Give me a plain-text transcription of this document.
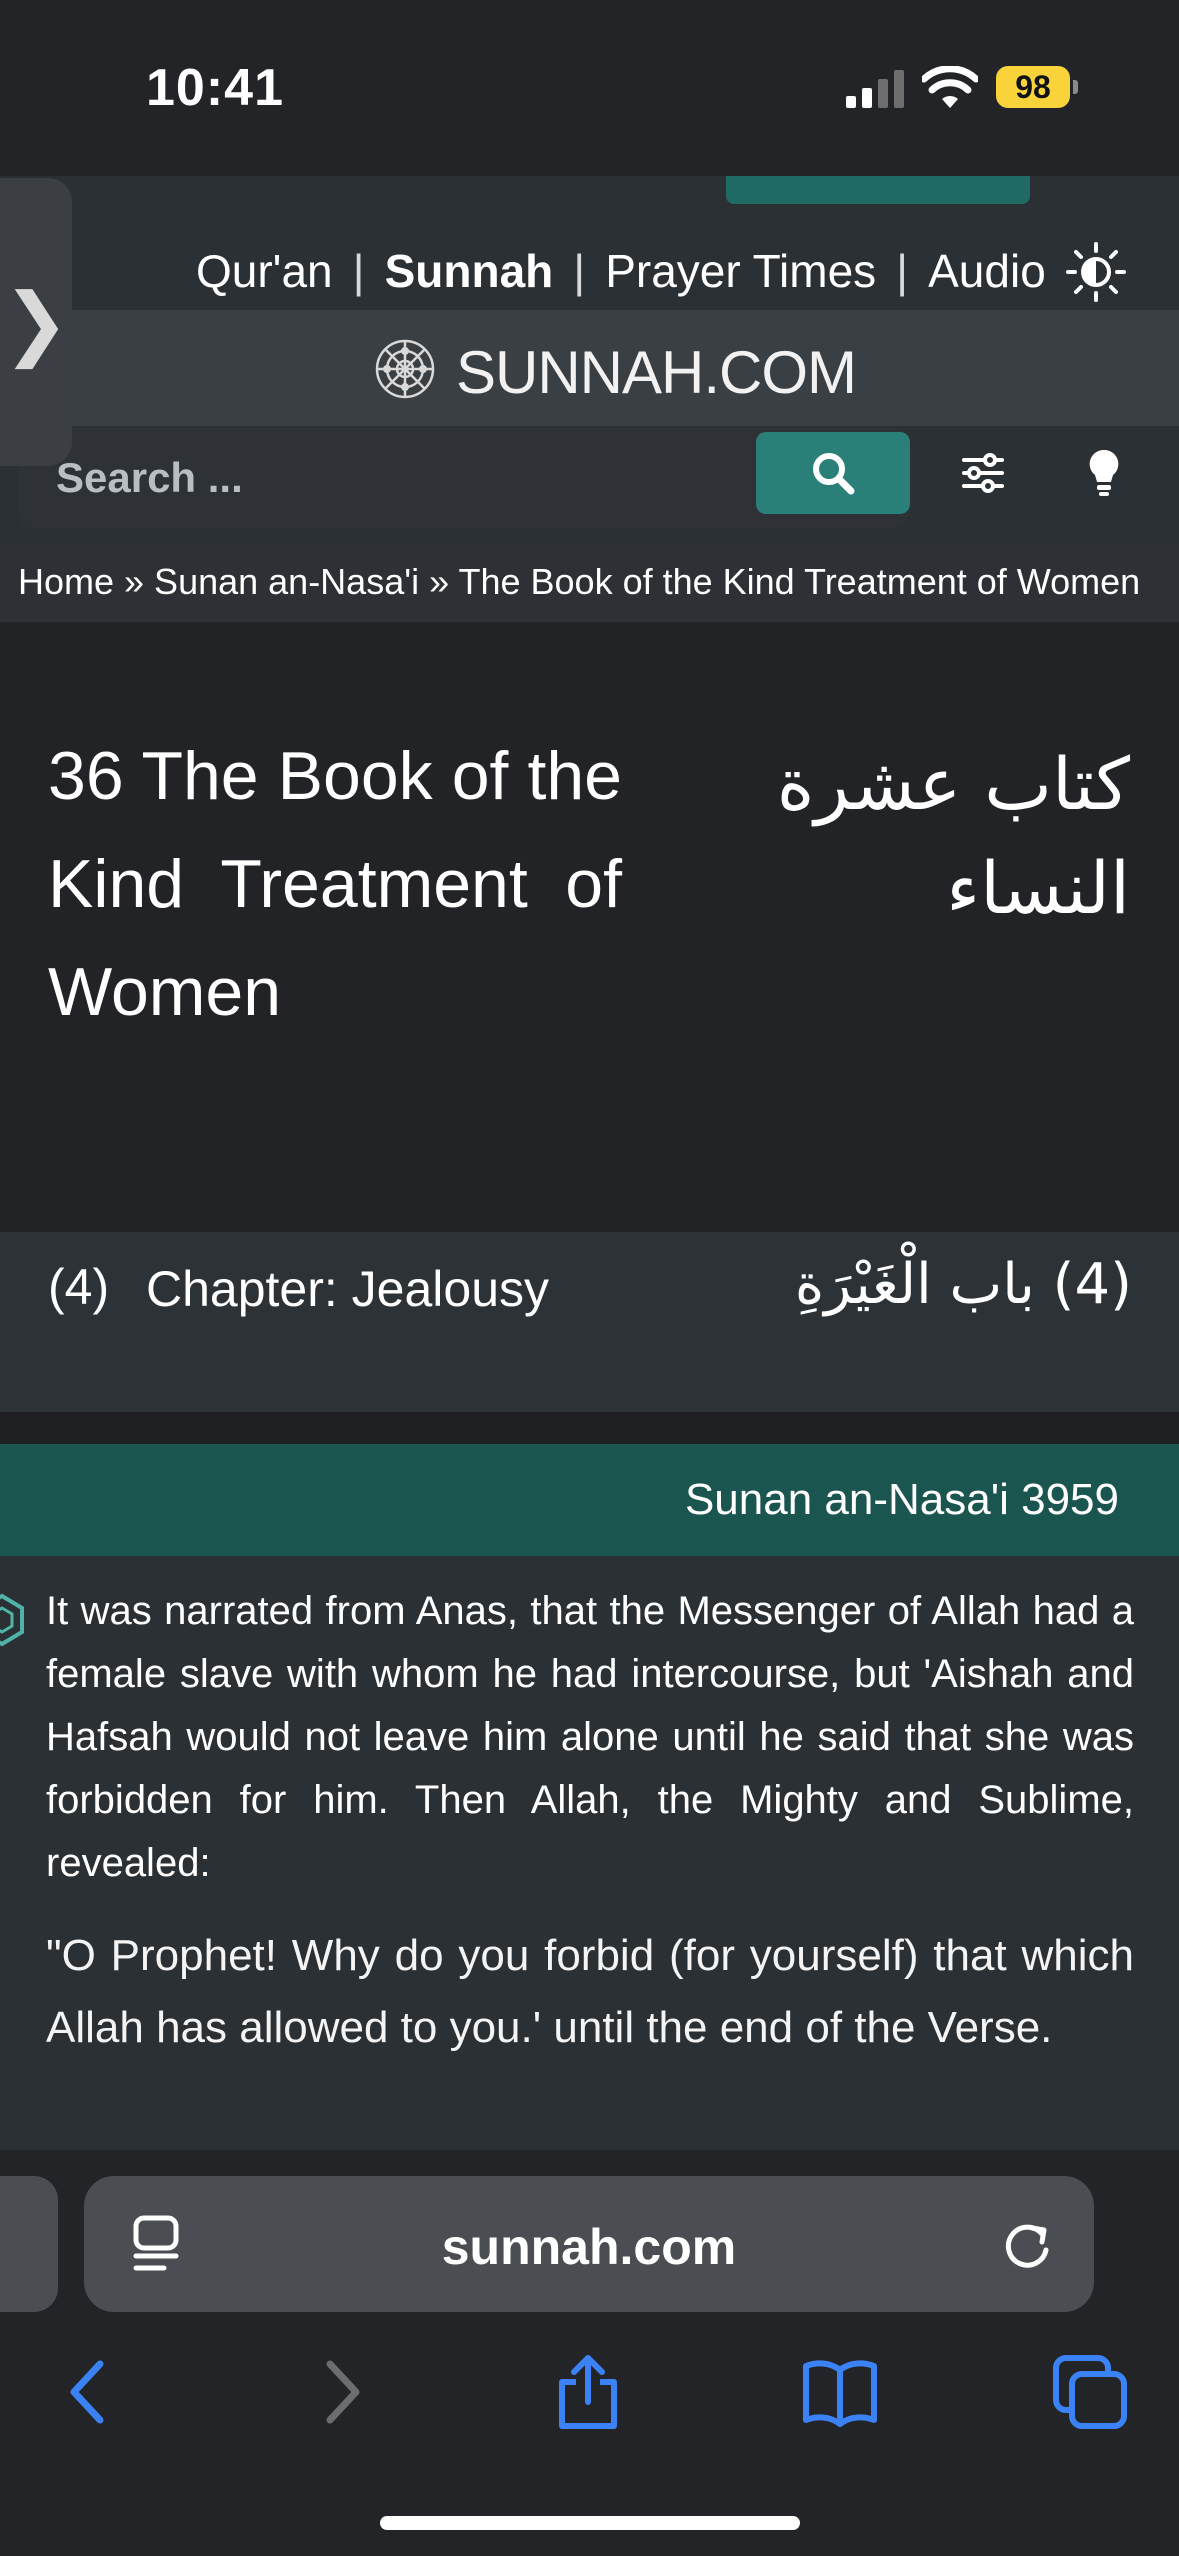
10:41	98
Qur'an | Sunnah | Prayer Times | Audio
SUNNAH.COM
Search ...
❯
Home » Sunan an-Nasa'i » The Book of the Kind Treatment of Women
36 The Book of the Kind Treatment of Women
كتاب عشرة النساء
(4) Chapter: Jealousy	(4) باب الْغَيْرَةِ
Sunan an-Nasa'i 3959
It was narrated from Anas, that the Messenger of Allah had a female slave with whom he had intercourse, but 'Aishah and Hafsah would not leave him alone until he said that she was forbidden for him. Then Allah, the Mighty and Sublime, revealed:
"O Prophet! Why do you forbid (for yourself) that which Allah has allowed to you.' until the end of the Verse.
sunnah.com
